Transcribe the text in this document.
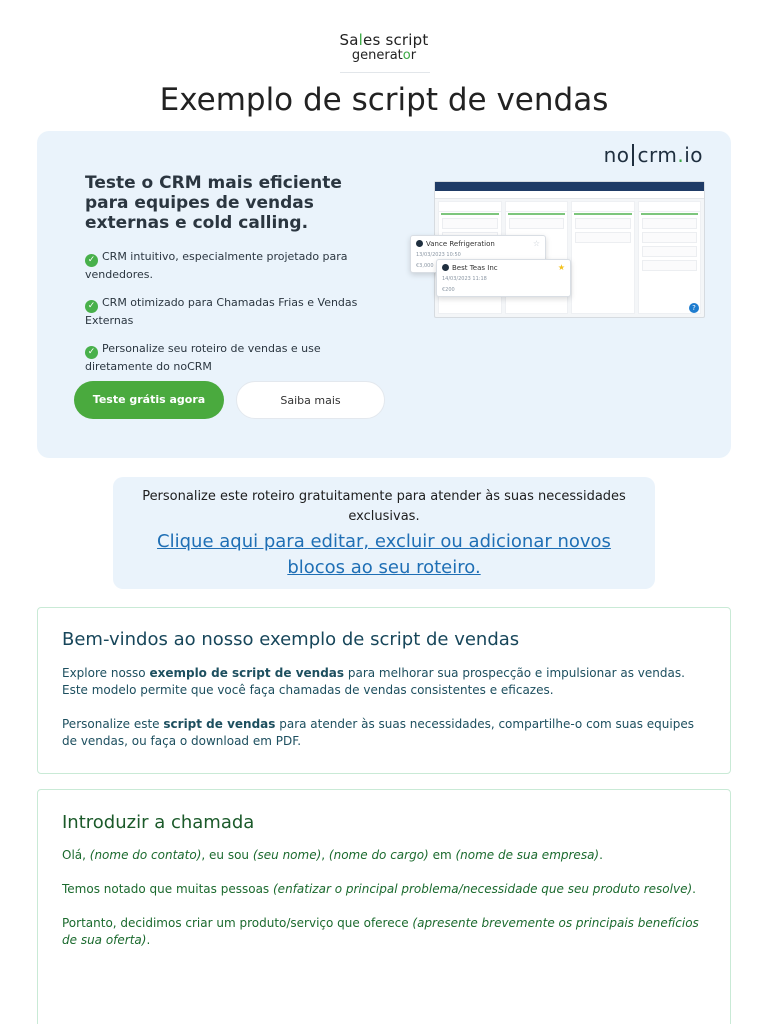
Sales script
generator
Exemplo de script de vendas
no crm.io
Teste o CRM mais eficiente para equipes de vendas externas e cold calling.
✓ CRM intuitivo, especialmente projetado para vendedores.
✓ CRM otimizado para Chamadas Frias e Vendas Externas
✓ Personalize seu roteiro de vendas e use diretamente do noCRM
Teste grátis agora	Saiba mais
?
Vance Refrigeration
13/03/2023 10:50
€3,000
☆
Best Teas Inc
14/03/2023 11:18
€200
★
Personalize este roteiro gratuitamente para atender às suas necessidades exclusivas.
Clique aqui para editar, excluir ou adicionar novos blocos ao seu roteiro.
Bem-vindos ao nosso exemplo de script de vendas

Explore nosso exemplo de script de vendas para melhorar sua prospecção e impulsionar as vendas. Este modelo permite que você faça chamadas de vendas consistentes e eficazes.

Personalize este script de vendas para atender às suas necessidades, compartilhe-o com suas equipes de vendas, ou faça o download em PDF.

Introduzir a chamada

Olá, (nome do contato), eu sou (seu nome), (nome do cargo) em (nome de sua empresa).

Temos notado que muitas pessoas (enfatizar o principal problema/necessidade que seu produto resolve).

Portanto, decidimos criar um produto/serviço que oferece (apresente brevemente os principais benefícios de sua oferta).
